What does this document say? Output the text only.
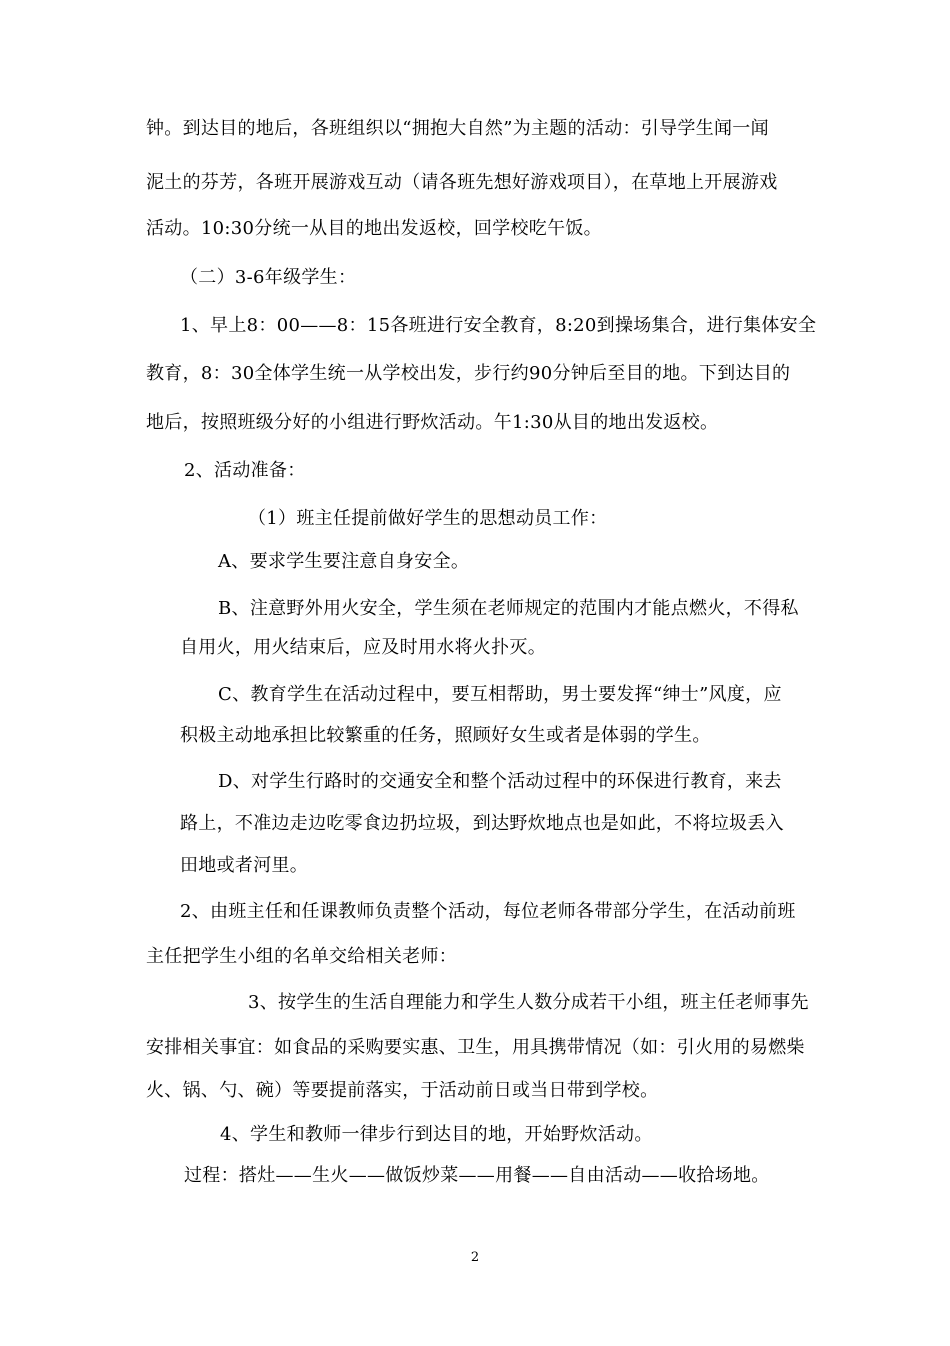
钟。到达目的地后，各班组织以“拥抱大自然”为主题的活动：引导学生闻一闻
泥土的芬芳，各班开展游戏互动（请各班先想好游戏项目），在草地上开展游戏
活动。10:30分统一从目的地出发返校，回学校吃午饭。
（二）3-6年级学生：
1、早上8：00——8：15各班进行安全教育，8:20到操场集合，进行集体安全
教育，8：30全体学生统一从学校出发，步行约90分钟后至目的地。下到达目的
地后，按照班级分好的小组进行野炊活动。午1:30从目的地出发返校。
2、活动准备：
（1）班主任提前做好学生的思想动员工作：
A、要求学生要注意自身安全。
B、注意野外用火安全，学生须在老师规定的范围内才能点燃火，不得私
自用火，用火结束后，应及时用水将火扑灭。
C、教育学生在活动过程中，要互相帮助，男士要发挥“绅士”风度，应
积极主动地承担比较繁重的任务，照顾好女生或者是体弱的学生。
D、对学生行路时的交通安全和整个活动过程中的环保进行教育，来去
路上，不准边走边吃零食边扔垃圾，到达野炊地点也是如此，不将垃圾丢入
田地或者河里。
2、由班主任和任课教师负责整个活动，每位老师各带部分学生，在活动前班
主任把学生小组的名单交给相关老师：
3、按学生的生活自理能力和学生人数分成若干小组，班主任老师事先
安排相关事宜：如食品的采购要实惠、卫生，用具携带情况（如：引火用的易燃柴
火、锅、勺、碗）等要提前落实，于活动前日或当日带到学校。
4、学生和教师一律步行到达目的地，开始野炊活动。
过程：搭灶——生火——做饭炒菜——用餐——自由活动——收拾场地。
2
